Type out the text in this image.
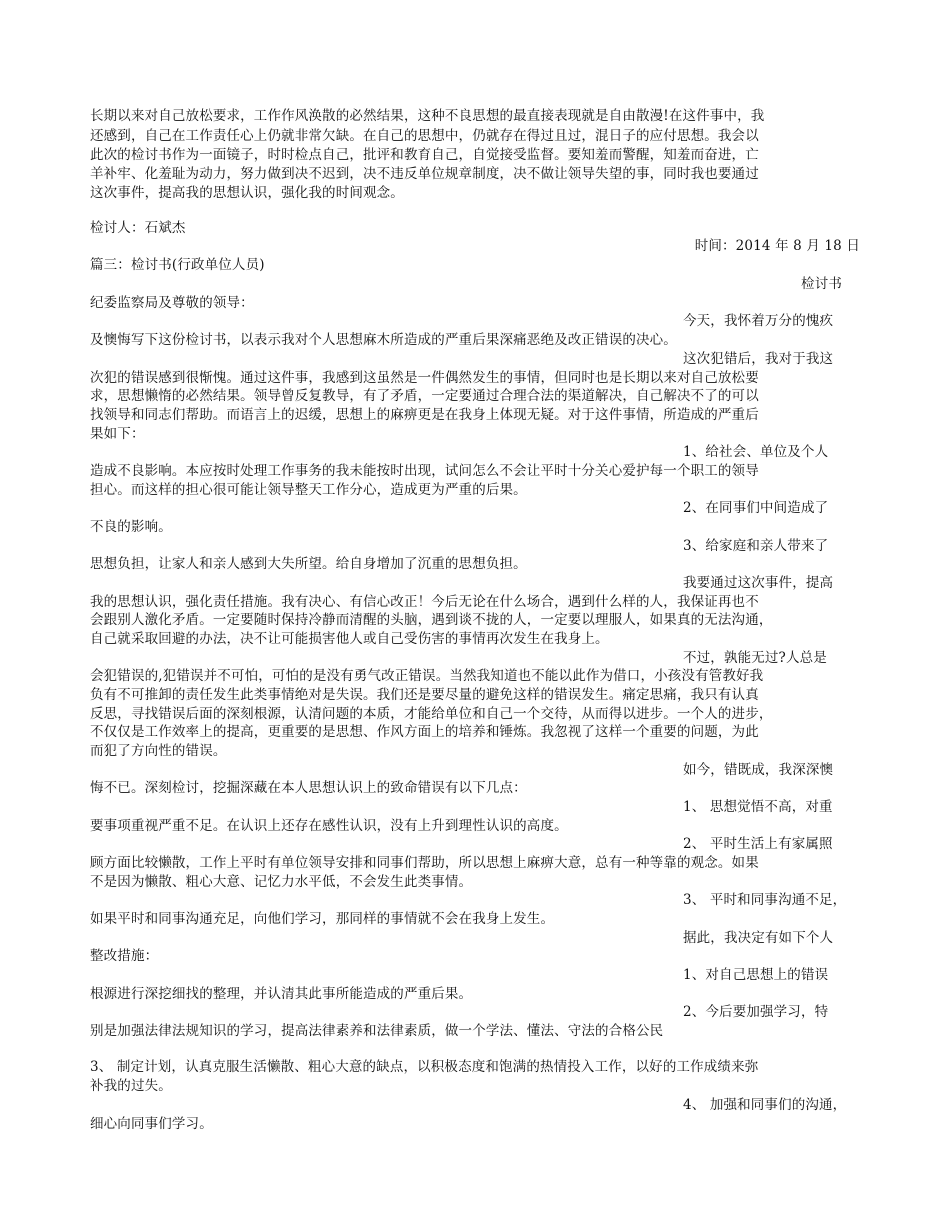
长期以来对自己放松要求，工作作风涣散的必然结果，这种不良思想的最直接表现就是自由散漫!在这件事中，我
还感到，自己在工作责任心上仍就非常欠缺。在自己的思想中，仍就存在得过且过，混日子的应付思想。我会以
此次的检讨书作为一面镜子，时时检点自己，批评和教育自己，自觉接受监督。要知羞而警醒，知羞而奋进，亡
羊补牢、化羞耻为动力，努力做到决不迟到，决不违反单位规章制度，决不做让领导失望的事，同时我也要通过
这次事件，提高我的思想认识，强化我的时间观念。
检讨人：石斌杰
时间：2014 年 8 月 18 日
篇三：检讨书(行政单位人员)
检讨书
纪委监察局及尊敬的领导：
今天，我怀着万分的愧疚
及懊悔写下这份检讨书，以表示我对个人思想麻木所造成的严重后果深痛恶绝及改正错误的决心。
这次犯错后，我对于我这
次犯的错误感到很惭愧。通过这件事，我感到这虽然是一件偶然发生的事情，但同时也是长期以来对自己放松要
求，思想懒惰的必然结果。领导曾反复教导，有了矛盾，一定要通过合理合法的渠道解决，自己解决不了的可以
找领导和同志们帮助。而语言上的迟缓，思想上的麻痹更是在我身上体现无疑。对于这件事情，所造成的严重后
果如下：
1、给社会、单位及个人
造成不良影响。本应按时处理工作事务的我未能按时出现，试问怎么不会让平时十分关心爱护每一个职工的领导
担心。而这样的担心很可能让领导整天工作分心，造成更为严重的后果。
2、在同事们中间造成了
不良的影响。
3、给家庭和亲人带来了
思想负担，让家人和亲人感到大失所望。给自身增加了沉重的思想负担。
我要通过这次事件，提高
我的思想认识，强化责任措施。我有决心、有信心改正！今后无论在什么场合，遇到什么样的人，我保证再也不
会跟别人激化矛盾。一定要随时保持冷静而清醒的头脑，遇到谈不拢的人，一定要以理服人，如果真的无法沟通，
自己就采取回避的办法，决不让可能损害他人或自己受伤害的事情再次发生在我身上。
不过，孰能无过?人总是
会犯错误的,犯错误并不可怕，可怕的是没有勇气改正错误。当然我知道也不能以此作为借口，小孩没有管教好我
负有不可推卸的责任发生此类事情绝对是失误。我们还是要尽量的避免这样的错误发生。痛定思痛，我只有认真
反思，寻找错误后面的深刻根源，认清问题的本质，才能给单位和自己一个交待，从而得以进步。一个人的进步，
不仅仅是工作效率上的提高，更重要的是思想、作风方面上的培养和锤炼。我忽视了这样一个重要的问题，为此
而犯了方向性的错误。
如今，错既成，我深深懊
悔不已。深刻检讨，挖掘深藏在本人思想认识上的致命错误有以下几点：
1、 思想觉悟不高，对重
要事项重视严重不足。在认识上还存在感性认识，没有上升到理性认识的高度。
2、 平时生活上有家属照
顾方面比较懒散，工作上平时有单位领导安排和同事们帮助，所以思想上麻痹大意，总有一种等靠的观念。如果
不是因为懒散、粗心大意、记忆力水平低，不会发生此类事情。
3、 平时和同事沟通不足，
如果平时和同事沟通充足，向他们学习，那同样的事情就不会在我身上发生。
据此，我决定有如下个人
整改措施：
1、对自己思想上的错误
根源进行深挖细找的整理，并认清其此事所能造成的严重后果。
2、今后要加强学习，特
别是加强法律法规知识的学习，提高法律素养和法律素质，做一个学法、懂法、守法的合格公民
3、 制定计划，认真克服生活懒散、粗心大意的缺点，以积极态度和饱满的热情投入工作，以好的工作成绩来弥
补我的过失。
4、 加强和同事们的沟通，
细心向同事们学习。
